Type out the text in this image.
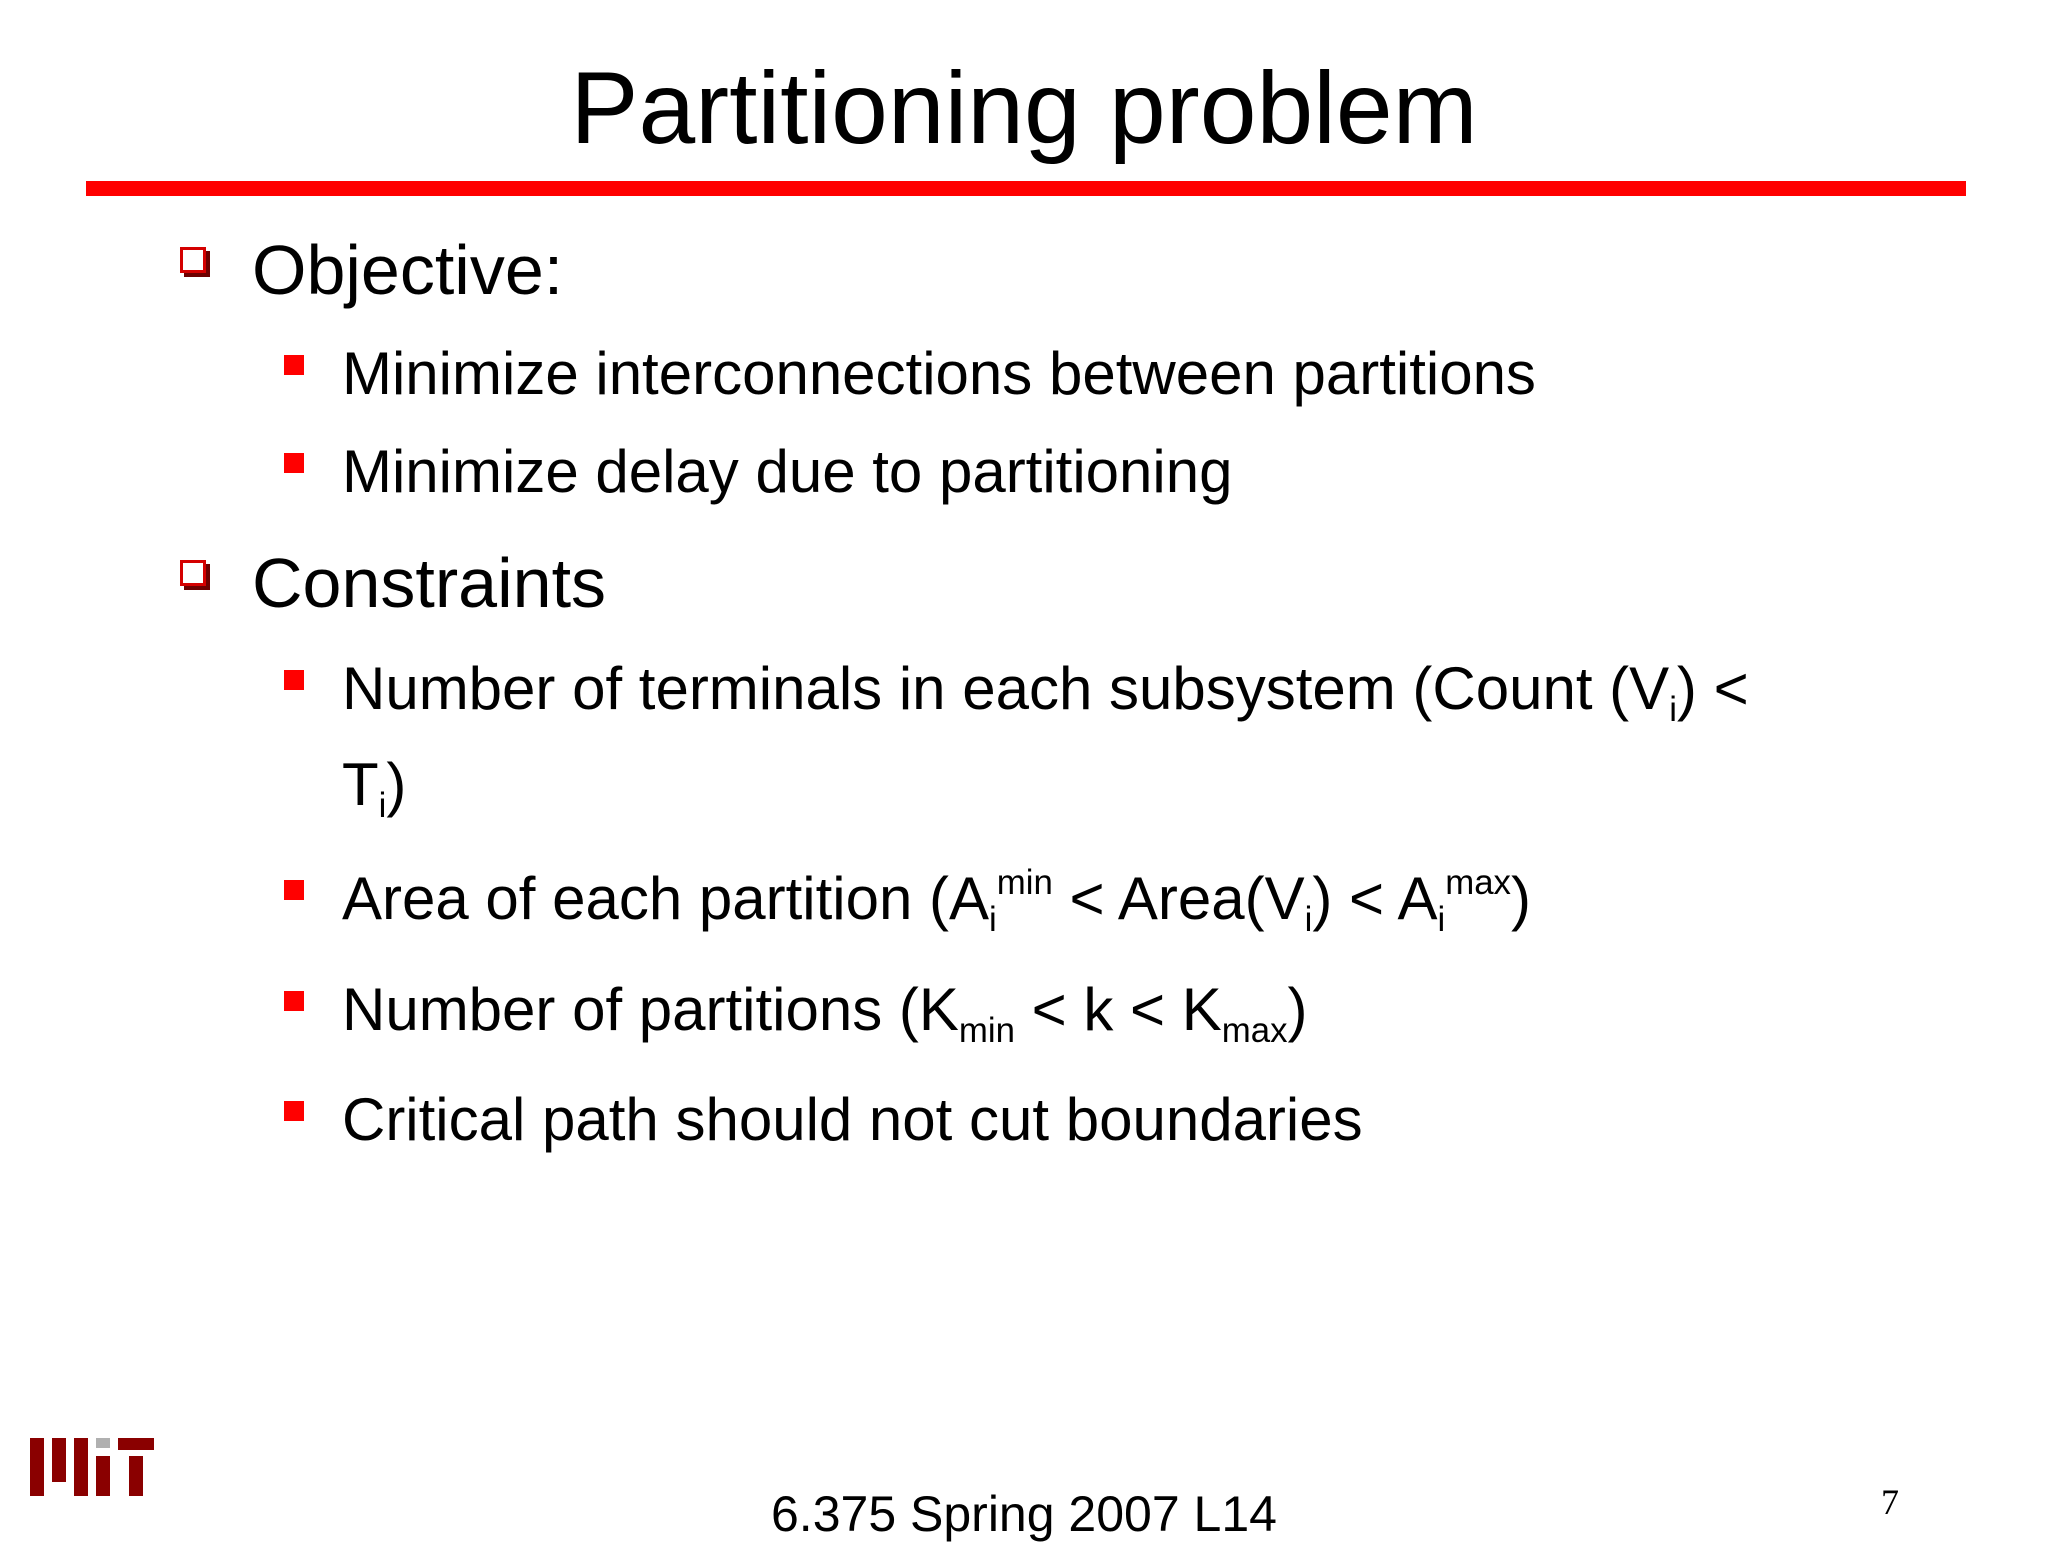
Partitioning problem
Objective:
Minimize interconnections between partitions
Minimize delay due to partitioning
Constraints
Number of terminals in each subsystem (Count $(V_i)$ <
$T_i$)
Area of each partition ($A_i^{min}$ < $Area(V_i) < A_i^{max}$)
Number of partitions $(K_{min} < k < K_{max})$
Critical path should not cut boundaries
6.375 Spring 2007 L14	7
